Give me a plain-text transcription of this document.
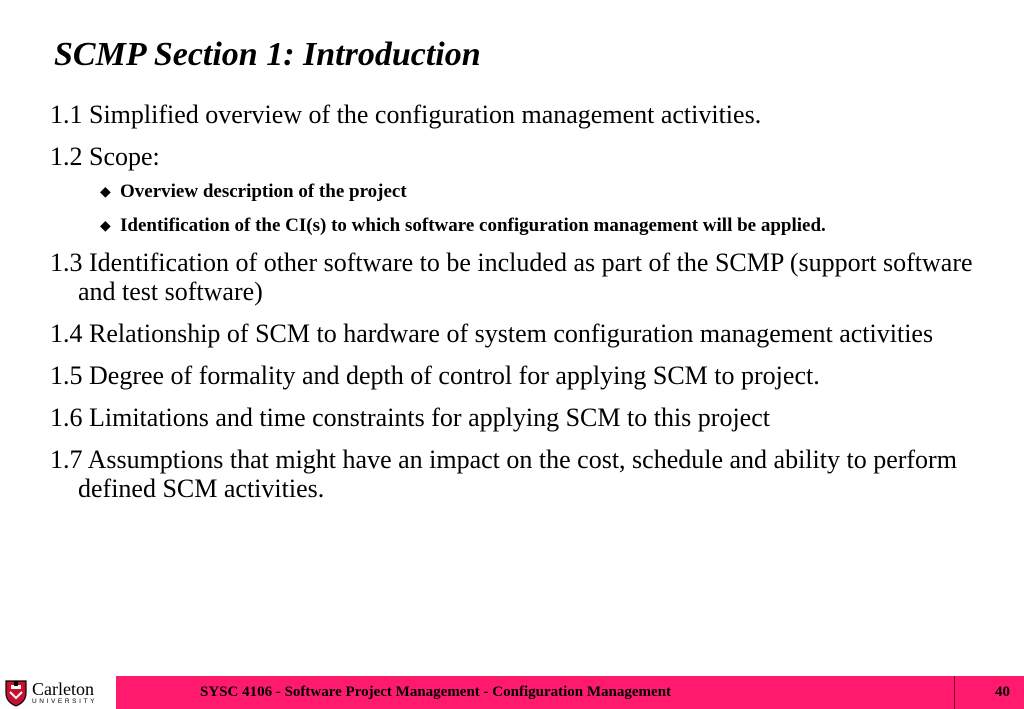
SCMP Section 1: Introduction
1.1 Simplified overview of the configuration management activities.
1.2 Scope:
◆ Overview description of the project
◆ Identification of the CI(s) to which software configuration management will be applied.
1.3 Identification of other software to be included as part of the SCMP (support software and test software)
1.4 Relationship of SCM to hardware of system configuration management activities
1.5 Degree of formality and depth of control for applying SCM to project.
1.6 Limitations and time constraints for applying SCM to this project
1.7 Assumptions that might have an impact on the cost, schedule and ability to perform defined SCM activities.
Carleton
UNIVERSITY
SYSC 4106 - Software Project Management - Configuration Management	40
